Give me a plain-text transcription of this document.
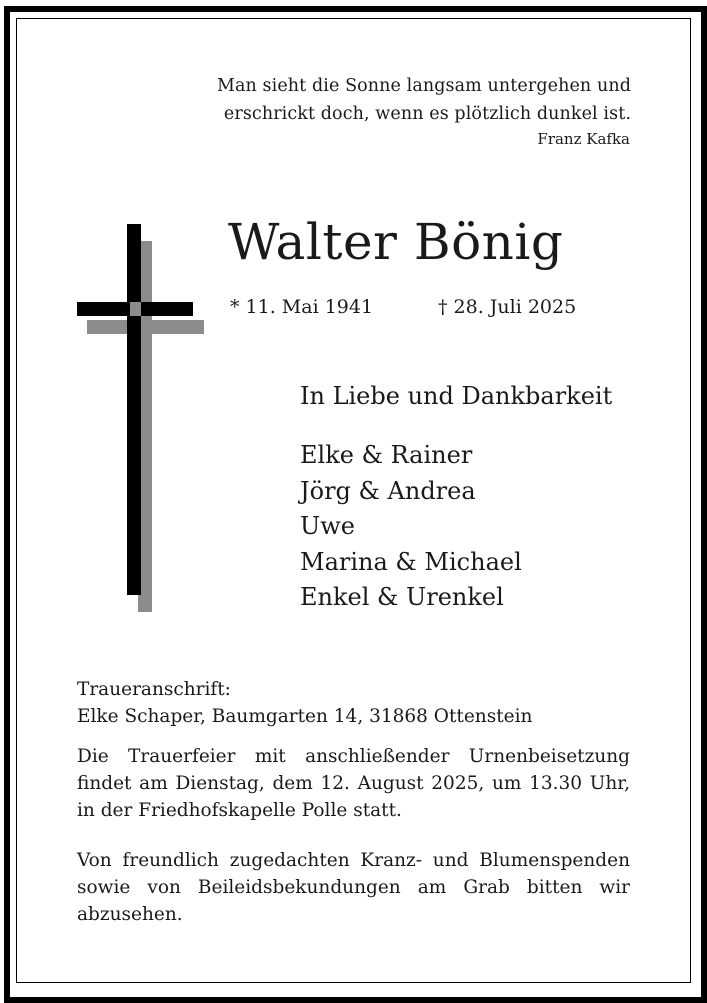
Man sieht die Sonne langsam untergehen und
erschrickt doch, wenn es plötzlich dunkel ist.
Franz Kafka
Walter Bönig
* 11. Mai 1941	† 28. Juli 2025
In Liebe und Dankbarkeit
Elke & Rainer
Jörg & Andrea
Uwe
Marina & Michael
Enkel & Urenkel
Traueranschrift:
Elke Schaper, Baumgarten 14, 31868 Ottenstein
Die Trauerfeier mit anschließender Urnenbeisetzung
findet am Dienstag, dem 12. August 2025, um 13.30 Uhr,
in der Friedhofskapelle Polle statt.
Von freundlich zugedachten Kranz- und Blumenspenden
sowie von Beileidsbekundungen am Grab bitten wir
abzusehen.
